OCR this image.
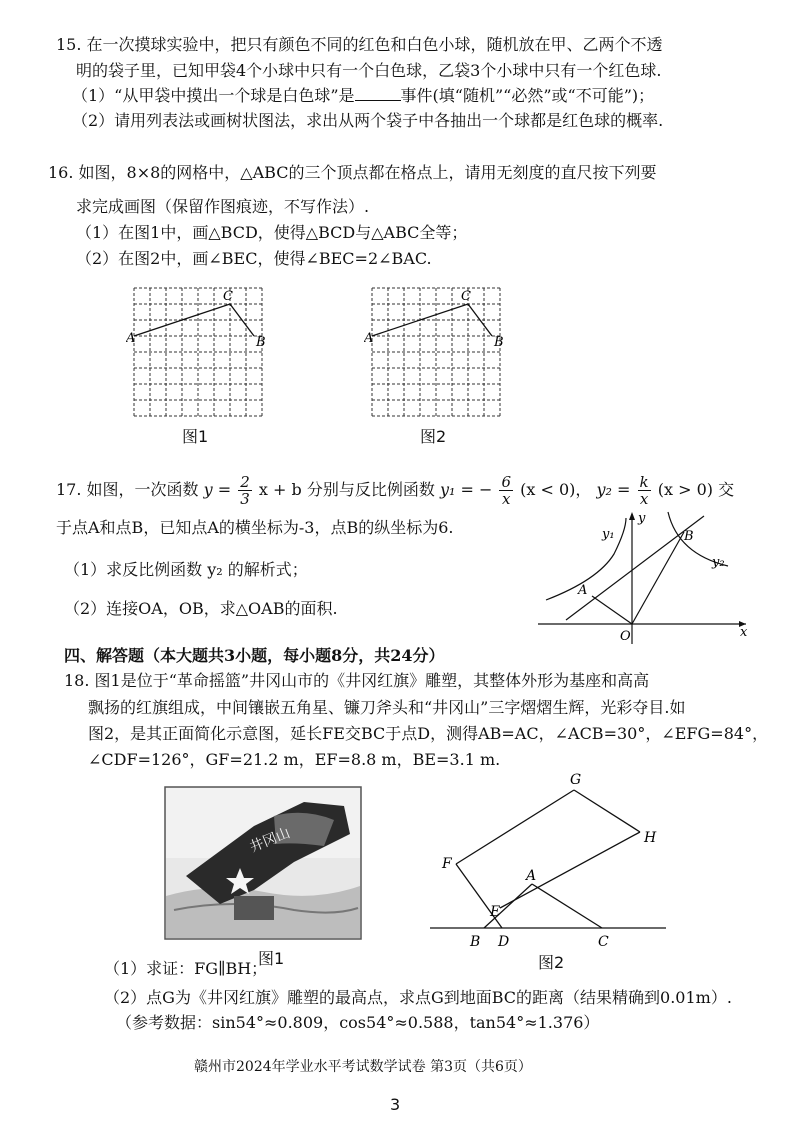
15. 在一次摸球实验中，把只有颜色不同的红色和白色小球，随机放在甲、乙两个不透
明的袋子里，已知甲袋4个小球中只有一个白色球，乙袋3个小球中只有一个红色球.
（1）“从甲袋中摸出一个球是白色球”是	事件(填“随机”“必然”或“不可能”)；
（2）请用列表法或画树状图法，求出从两个袋子中各抽出一个球都是红色球的概率.
16. 如图，8×8的网格中，△ABC的三个顶点都在格点上，请用无刻度的直尺按下列要
求完成画图（保留作图痕迹，不写作法）.
（1）在图1中，画△BCD，使得△BCD与△ABC全等；
（2）在图2中，画∠BEC，使得∠BEC=2∠BAC.
A
C
B
图1
A
C
B
图2
17. 如图，一次函数 $y = \frac{2}{3}$ x + b 分别与反比例函数 y₁ = − $\frac{6}{x} (x < 0)$， $y_2 = \frac{k}{x} (x > 0)$ 交
于点A和点B，已知点A的横坐标为-3，点B的纵坐标为6.
（1）求反比例函数 y₂ 的解析式；
（2）连接OA，OB，求△OAB的面积.
y₁
y
B
y₂
A
O	x
四、解答题（本大题共3小题，每小题8分，共24分）
18. 图1是位于“革命摇篮”井冈山市的《井冈红旗》雕塑，其整体外形为基座和高高
飘扬的红旗组成，中间镶嵌五角星、镰刀斧头和“井冈山”三字熠熠生辉，光彩夺目.如
图2，是其正面简化示意图，延长FE交BC于点D，测得AB=AC，∠ACB=30°，∠EFG=84°，
∠CDF=126°，GF=21.2 m，EF=8.8 m，BE=3.1 m.
井冈山
图1
G
H
F
A
E
B D	C
图2
（1）求证：FG∥BH；
（2）点G为《井冈红旗》雕塑的最高点，求点G到地面BC的距离（结果精确到0.01m）.
（参考数据：sin54°≈0.809，cos54°≈0.588，tan54°≈1.376）
赣州市2024年学业水平考试数学试卷 第3页（共6页）
3
